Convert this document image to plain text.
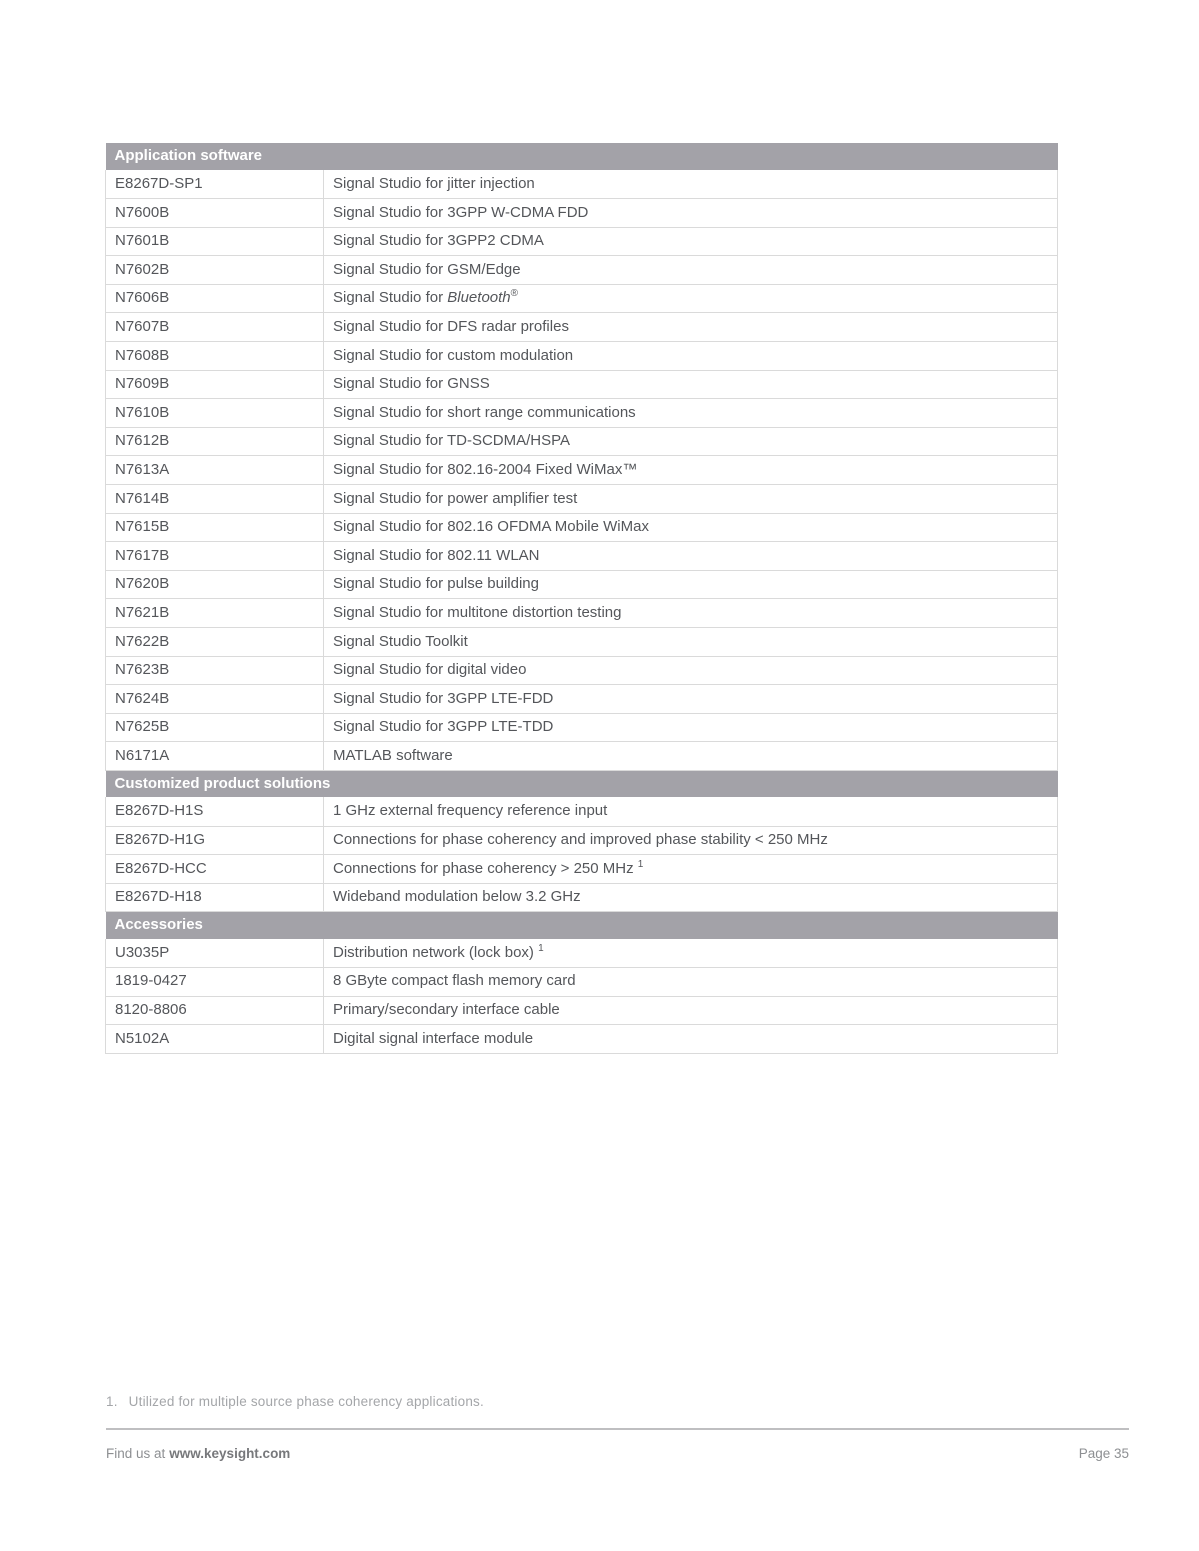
Application software	
E8267D-SP1	Signal Studio for jitter injection
N7600B	Signal Studio for 3GPP W-CDMA FDD
N7601B	Signal Studio for 3GPP2 CDMA
N7602B	Signal Studio for GSM/Edge
N7606B	Signal Studio for Bluetooth®
N7607B	Signal Studio for DFS radar profiles
N7608B	Signal Studio for custom modulation
N7609B	Signal Studio for GNSS
N7610B	Signal Studio for short range communications
N7612B	Signal Studio for TD-SCDMA/HSPA
N7613A	Signal Studio for 802.16-2004 Fixed WiMax™
N7614B	Signal Studio for power amplifier test
N7615B	Signal Studio for 802.16 OFDMA Mobile WiMax
N7617B	Signal Studio for 802.11 WLAN
N7620B	Signal Studio for pulse building
N7621B	Signal Studio for multitone distortion testing
N7622B	Signal Studio Toolkit
N7623B	Signal Studio for digital video
N7624B	Signal Studio for 3GPP LTE-FDD
N7625B	Signal Studio for 3GPP LTE-TDD
N6171A	MATLAB software
Customized product solutions	
E8267D-H1S	1 GHz external frequency reference input
E8267D-H1G	Connections for phase coherency and improved phase stability < 250 MHz
E8267D-HCC	Connections for phase coherency > 250 MHz $^1$
E8267D-H18	Wideband modulation below 3.2 GHz
Accessories	
U3035P	Distribution network (lock box) $^1$
1819-0427	8 GByte compact flash memory card
8120-8806	Primary/secondary interface cable
N5102A	Digital signal interface module
1. Utilized for multiple source phase coherency applications.
Find us at www.keysight.com	Page 35
